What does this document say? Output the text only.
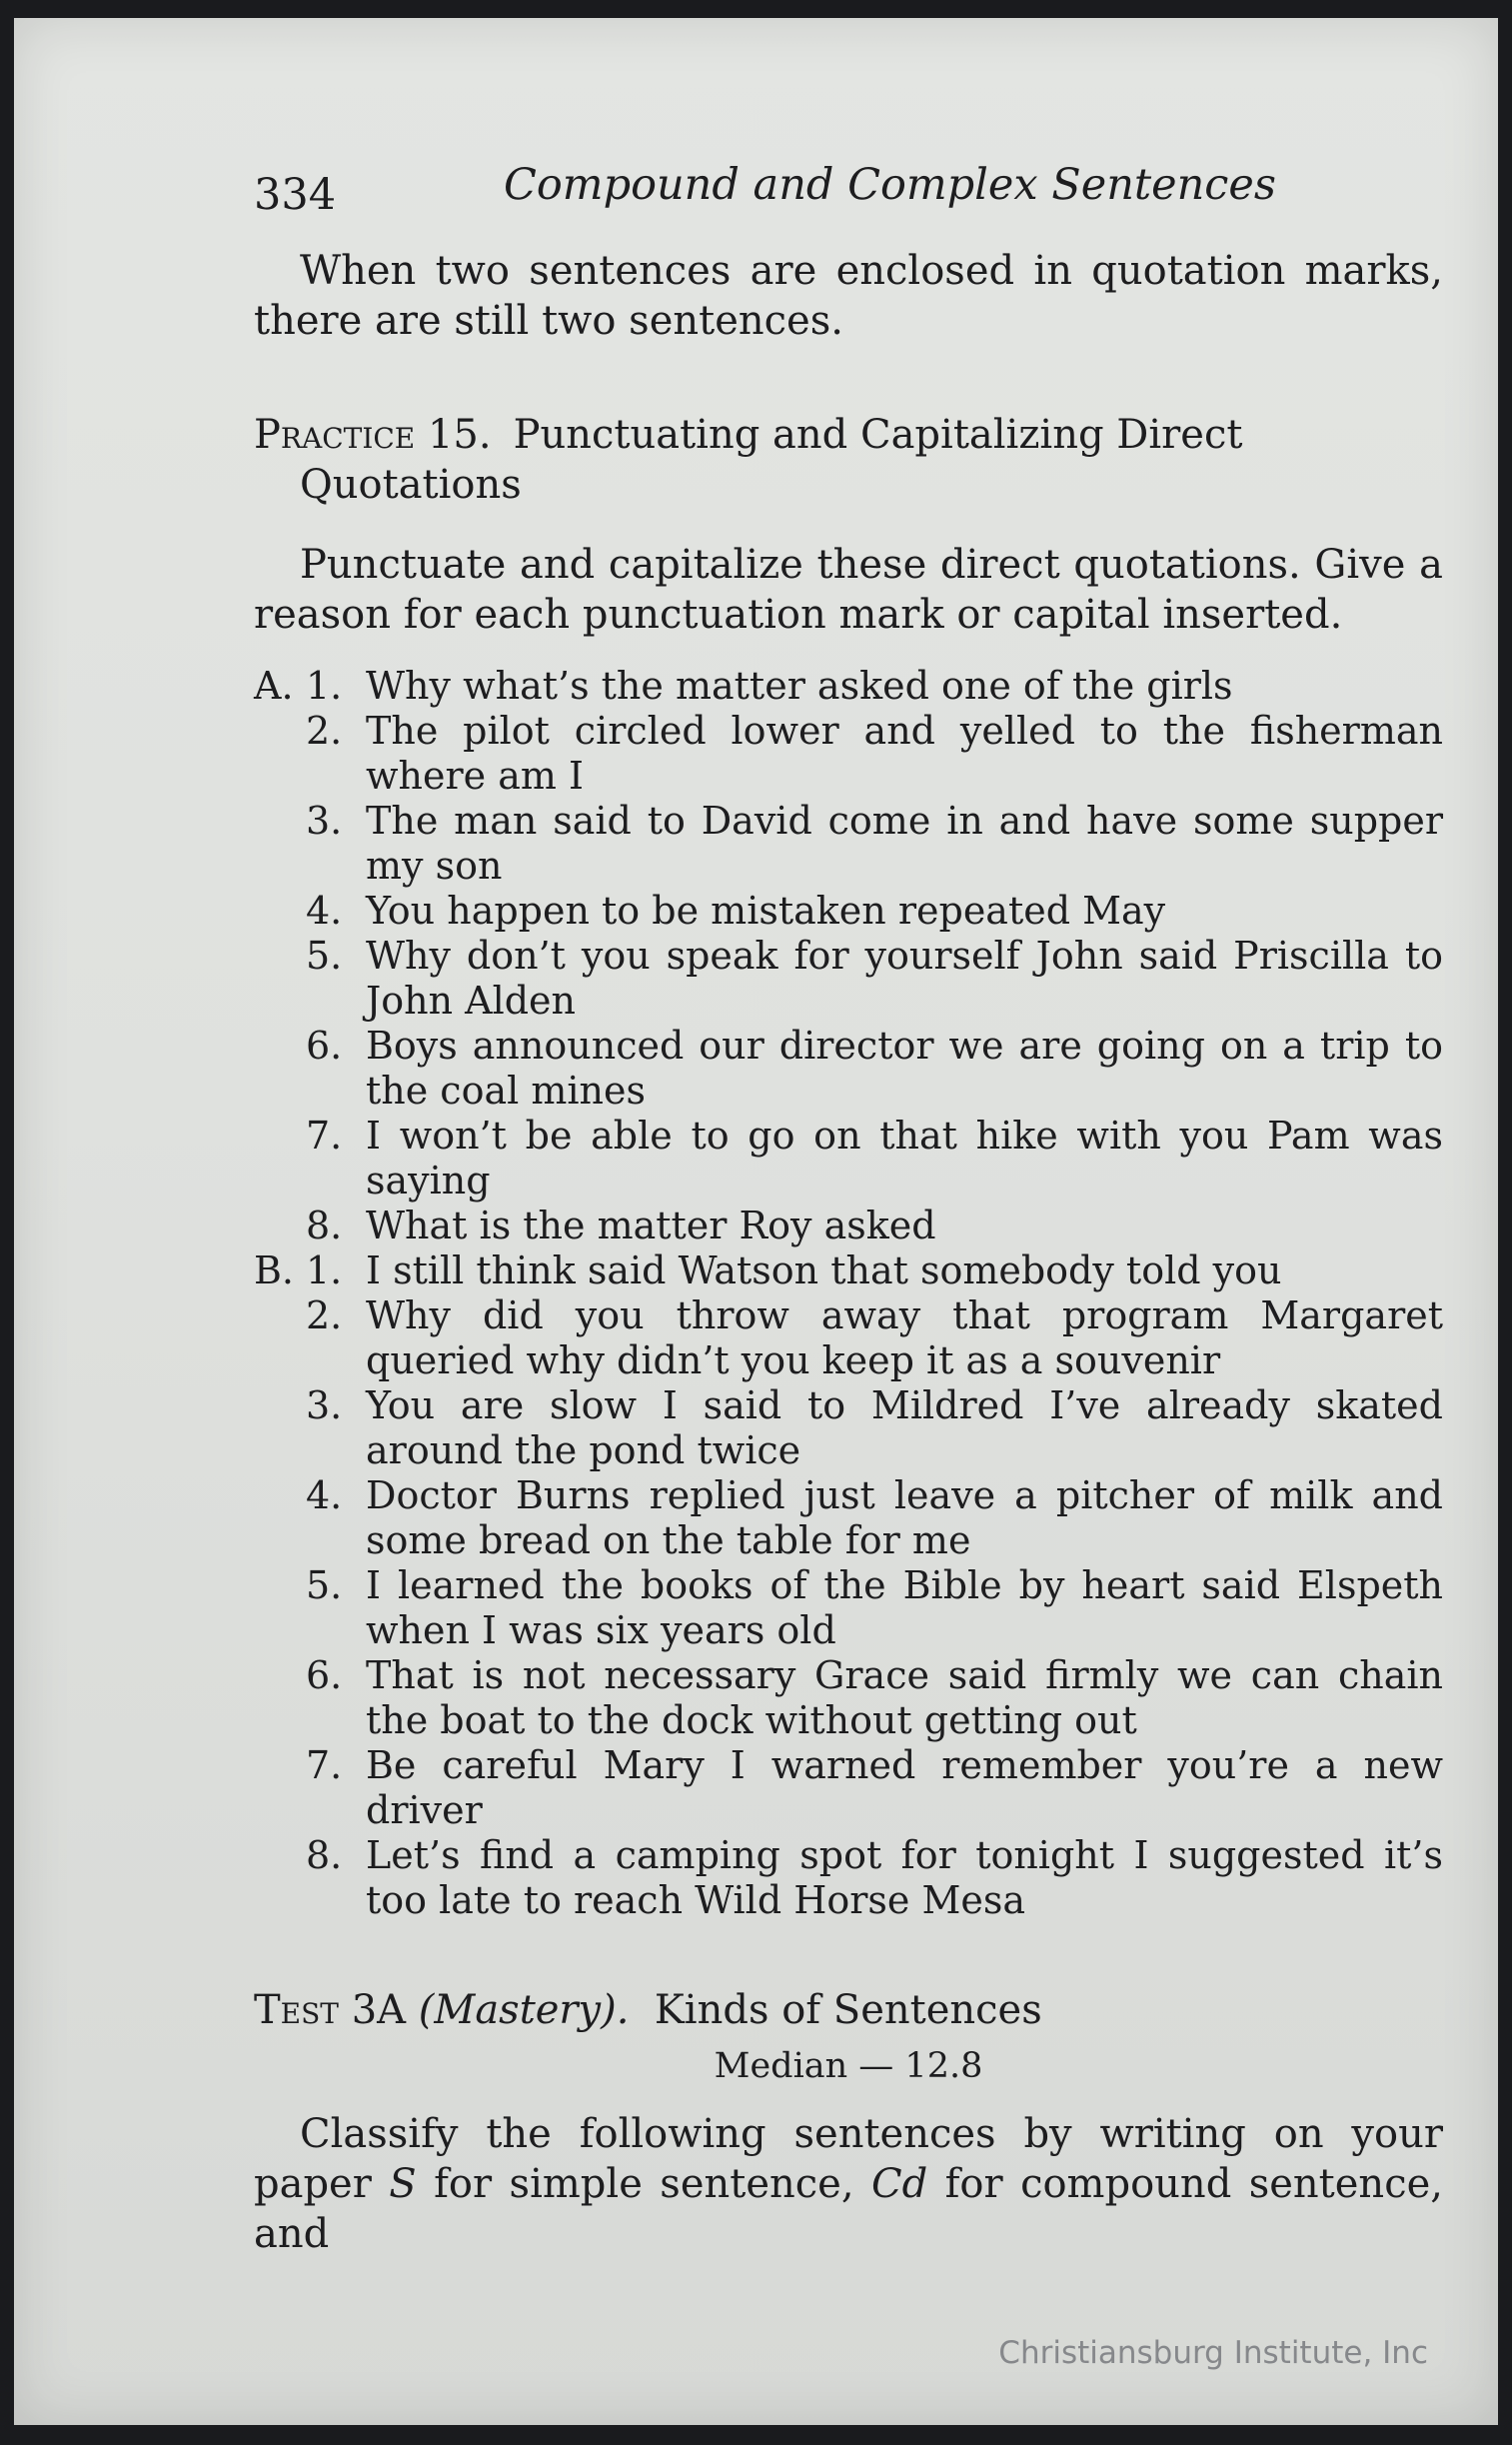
334	Compound and Complex Sentences

When two sentences are enclosed in quotation marks, there are still two sentences.

Practice 15. Punctuating and Capitalizing Direct Quotations

Punctuate and capitalize these direct quotations. Give a reason for each punctuation mark or capital inserted.

A. 1. Why what’s the matter asked one of the girls
2. The pilot circled lower and yelled to the fisherman where am I
3. The man said to David come in and have some supper my son
4. You happen to be mistaken repeated May
5. Why don’t you speak for yourself John said Priscilla to John Alden
6. Boys announced our director we are going on a trip to the coal mines
7. I won’t be able to go on that hike with you Pam was saying
8. What is the matter Roy asked
B. 1. I still think said Watson that somebody told you
2. Why did you throw away that program Margaret queried why didn’t you keep it as a souvenir
3. You are slow I said to Mildred I’ve already skated around the pond twice
4. Doctor Burns replied just leave a pitcher of milk and some bread on the table for me
5. I learned the books of the Bible by heart said Elspeth when I was six years old
6. That is not necessary Grace said firmly we can chain the boat to the dock without getting out
7. Be careful Mary I warned remember you’re a new driver
8. Let’s find a camping spot for tonight I suggested it’s too late to reach Wild Horse Mesa
Test 3A (Mastery). Kinds of Sentences

Median — 12.8

Classify the following sentences by writing on your paper S for simple sentence, Cd for compound sentence, and

Christiansburg Institute, Inc
